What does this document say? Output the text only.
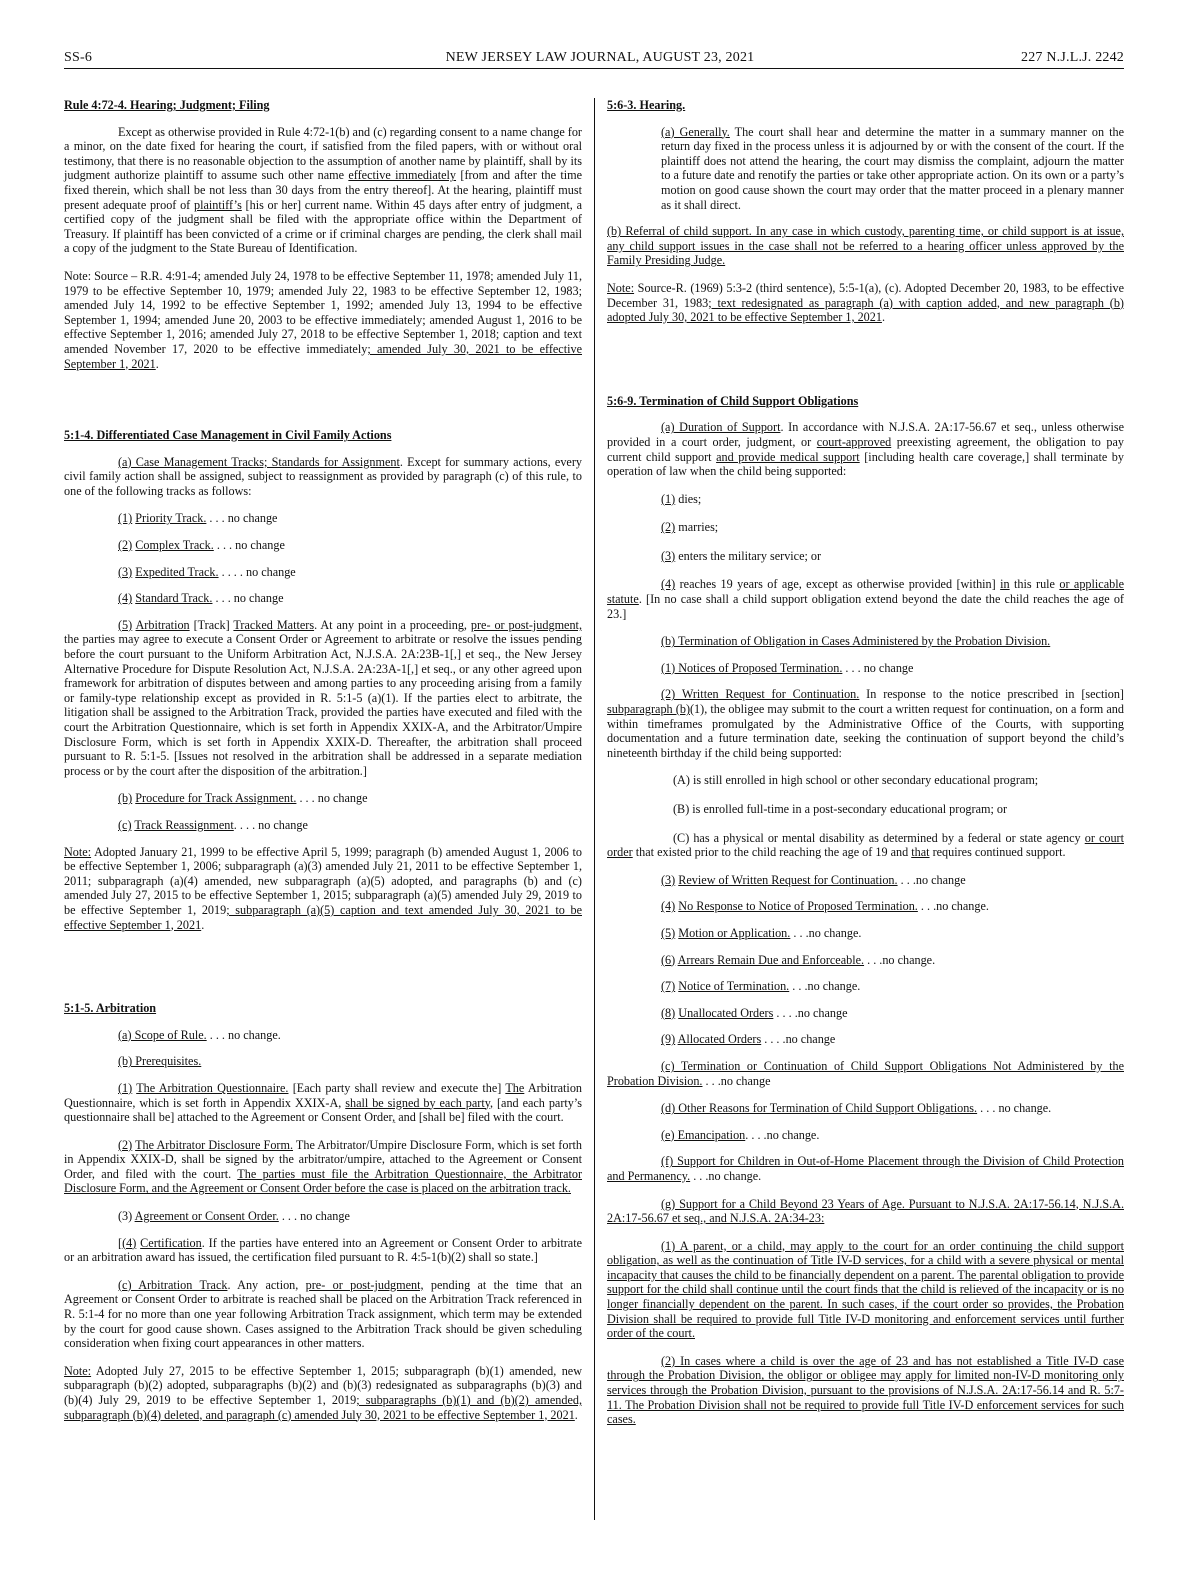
SS-6	NEW JERSEY LAW JOURNAL, AUGUST 23, 2021	227 N.J.L.J. 2242
Rule 4:72-4. Hearing; Judgment; Filing

Except as otherwise provided in Rule 4:72-1(b) and (c) regarding consent to a name change for a minor, on the date fixed for hearing the court, if satisfied from the filed papers, with or without oral testimony, that there is no reasonable objection to the assumption of another name by plaintiff, shall by its judgment authorize plaintiff to assume such other name effective immediately [from and after the time fixed therein, which shall be not less than 30 days from the entry thereof]. At the hearing, plaintiff must present adequate proof of plaintiff’s [his or her] current name. Within 45 days after entry of judgment, a certified copy of the judgment shall be filed with the appropriate office within the Department of Treasury. If plaintiff has been convicted of a crime or if criminal charges are pending, the clerk shall mail a copy of the judgment to the State Bureau of Identification.

Note: Source – R.R. 4:91-4; amended July 24, 1978 to be effective September 11, 1978; amended July 11, 1979 to be effective September 10, 1979; amended July 22, 1983 to be effective September 12, 1983; amended July 14, 1992 to be effective September 1, 1992; amended July 13, 1994 to be effective September 1, 1994; amended June 20, 2003 to be effective immediately; amended August 1, 2016 to be effective September 1, 2016; amended July 27, 2018 to be effective September 1, 2018; caption and text amended November 17, 2020 to be effective immediately; amended July 30, 2021 to be effective September 1, 2021.

5:1-4. Differentiated Case Management in Civil Family Actions

(a) Case Management Tracks; Standards for Assignment. Except for summary actions, every civil family action shall be assigned, subject to reassignment as provided by paragraph (c) of this rule, to one of the following tracks as follows:

(1) Priority Track. . . . no change
(2) Complex Track. . . . no change
(3) Expedited Track. . . . . no change
(4) Standard Track. . . . no change

(5) Arbitration [Track] Tracked Matters. At any point in a proceeding, pre- or post-judgment, the parties may agree to execute a Consent Order or Agreement to arbitrate or resolve the issues pending before the court pursuant to the Uniform Arbitration Act, N.J.S.A. 2A:23B-1[,] et seq., the New Jersey Alternative Procedure for Dispute Resolution Act, N.J.S.A. 2A:23A-1[,] et seq., or any other agreed upon framework for arbitration of disputes between and among parties to any proceeding arising from a family or family-type relationship except as provided in R. 5:1-5 (a)(1). If the parties elect to arbitrate, the litigation shall be assigned to the Arbitration Track, provided the parties have executed and filed with the court the Arbitration Questionnaire, which is set forth in Appendix XXIX-A, and the Arbitrator/Umpire Disclosure Form, which is set forth in Appendix XXIX-D. Thereafter, the arbitration shall proceed pursuant to R. 5:1-5. [Issues not resolved in the arbitration shall be addressed in a separate mediation process or by the court after the disposition of the arbitration.]

(b) Procedure for Track Assignment. . . . no change
(c) Track Reassignment. . . . no change

Note: Adopted January 21, 1999 to be effective April 5, 1999; paragraph (b) amended August 1, 2006 to be effective September 1, 2006; subparagraph (a)(3) amended July 21, 2011 to be effective September 1, 2011; subparagraph (a)(4) amended, new subparagraph (a)(5) adopted, and paragraphs (b) and (c) amended July 27, 2015 to be effective September 1, 2015; subparagraph (a)(5) amended July 29, 2019 to be effective September 1, 2019; subparagraph (a)(5) caption and text amended July 30, 2021 to be effective September 1, 2021.

5:1-5. Arbitration
(a) Scope of Rule. . . . no change.
(b) Prerequisites.

(1) The Arbitration Questionnaire. [Each party shall review and execute the] The Arbitration Questionnaire, which is set forth in Appendix XXIX-A, shall be signed by each party, [and each party’s questionnaire shall be] attached to the Agreement or Consent Order, and [shall be] filed with the court.

(2) The Arbitrator Disclosure Form. The Arbitrator/Umpire Disclosure Form, which is set forth in Appendix XXIX-D, shall be signed by the arbitrator/umpire, attached to the Agreement or Consent Order, and filed with the court. The parties must file the Arbitration Questionnaire, the Arbitrator Disclosure Form, and the Agreement or Consent Order before the case is placed on the arbitration track.

(3) Agreement or Consent Order. . . . no change

[(4) Certification. If the parties have entered into an Agreement or Consent Order to arbitrate or an arbitration award has issued, the certification filed pursuant to R. 4:5-1(b)(2) shall so state.]

(c) Arbitration Track. Any action, pre- or post-judgment, pending at the time that an Agreement or Consent Order to arbitrate is reached shall be placed on the Arbitration Track referenced in R. 5:1-4 for no more than one year following Arbitration Track assignment, which term may be extended by the court for good cause shown. Cases assigned to the Arbitration Track should be given scheduling consideration when fixing court appearances in other matters.

Note: Adopted July 27, 2015 to be effective September 1, 2015; subparagraph (b)(1) amended, new subparagraph (b)(2) adopted, subparagraphs (b)(2) and (b)(3) redesignated as subparagraphs (b)(3) and (b)(4) July 29, 2019 to be effective September 1, 2019; subparagraphs (b)(1) and (b)(2) amended, subparagraph (b)(4) deleted, and paragraph (c) amended July 30, 2021 to be effective September 1, 2021.

5:6-3. Hearing.

(a) Generally. The court shall hear and determine the matter in a summary manner on the return day fixed in the process unless it is adjourned by or with the consent of the court. If the plaintiff does not attend the hearing, the court may dismiss the complaint, adjourn the matter to a future date and renotify the parties or take other appropriate action. On its own or a party’s motion on good cause shown the court may order that the matter proceed in a plenary manner as it shall direct.

(b) Referral of child support. In any case in which custody, parenting time, or child support is at issue, any child support issues in the case shall not be referred to a hearing officer unless approved by the Family Presiding Judge.

Note: Source-R. (1969) 5:3-2 (third sentence), 5:5-1(a), (c). Adopted December 20, 1983, to be effective December 31, 1983; text redesignated as paragraph (a) with caption added, and new paragraph (b) adopted July 30, 2021 to be effective September 1, 2021.

5:6-9. Termination of Child Support Obligations

(a) Duration of Support. In accordance with N.J.S.A. 2A:17-56.67 et seq., unless otherwise provided in a court order, judgment, or court-approved preexisting agreement, the obligation to pay current child support and provide medical support [including health care coverage,] shall terminate by operation of law when the child being supported:

(1) dies;
(2) marries;
(3) enters the military service; or

(4) reaches 19 years of age, except as otherwise provided [within] in this rule or applicable statute. [In no case shall a child support obligation extend beyond the date the child reaches the age of 23.]

(b) Termination of Obligation in Cases Administered by the Probation Division.
(1) Notices of Proposed Termination. . . . no change

(2) Written Request for Continuation. In response to the notice prescribed in [section] subparagraph (b)(1), the obligee may submit to the court a written request for continuation, on a form and within timeframes promulgated by the Administrative Office of the Courts, with supporting documentation and a future termination date, seeking the continuation of support beyond the child’s nineteenth birthday if the child being supported:

(A) is still enrolled in high school or other secondary educational program;
(B) is enrolled full-time in a post-secondary educational program; or

(C) has a physical or mental disability as determined by a federal or state agency or court order that existed prior to the child reaching the age of 19 and that requires continued support.

(3) Review of Written Request for Continuation. . . .no change
(4) No Response to Notice of Proposed Termination. . . .no change.
(5) Motion or Application. . . .no change.
(6) Arrears Remain Due and Enforceable. . . .no change.
(7) Notice of Termination. . . .no change.
(8) Unallocated Orders . . . .no change
(9) Allocated Orders . . . .no change

(c) Termination or Continuation of Child Support Obligations Not Administered by the Probation Division. . . .no change

(d) Other Reasons for Termination of Child Support Obligations. . . . no change.
(e) Emancipation. . . .no change.

(f) Support for Children in Out-of-Home Placement through the Division of Child Protection and Permanency. . . .no change.

(g) Support for a Child Beyond 23 Years of Age. Pursuant to N.J.S.A. 2A:17-56.14, N.J.S.A. 2A:17-56.67 et seq., and N.J.S.A. 2A:34-23:

(1) A parent, or a child, may apply to the court for an order continuing the child support obligation, as well as the continuation of Title IV-D services, for a child with a severe physical or mental incapacity that causes the child to be financially dependent on a parent. The parental obligation to provide support for the child shall continue until the court finds that the child is relieved of the incapacity or is no longer financially dependent on the parent. In such cases, if the court order so provides, the Probation Division shall be required to provide full Title IV-D monitoring and enforcement services until further order of the court.

(2) In cases where a child is over the age of 23 and has not established a Title IV-D case through the Probation Division, the obligor or obligee may apply for limited non-IV-D monitoring only services through the Probation Division, pursuant to the provisions of N.J.S.A. 2A:17-56.14 and R. 5:7-11. The Probation Division shall not be required to provide full Title IV-D enforcement services for such cases.
